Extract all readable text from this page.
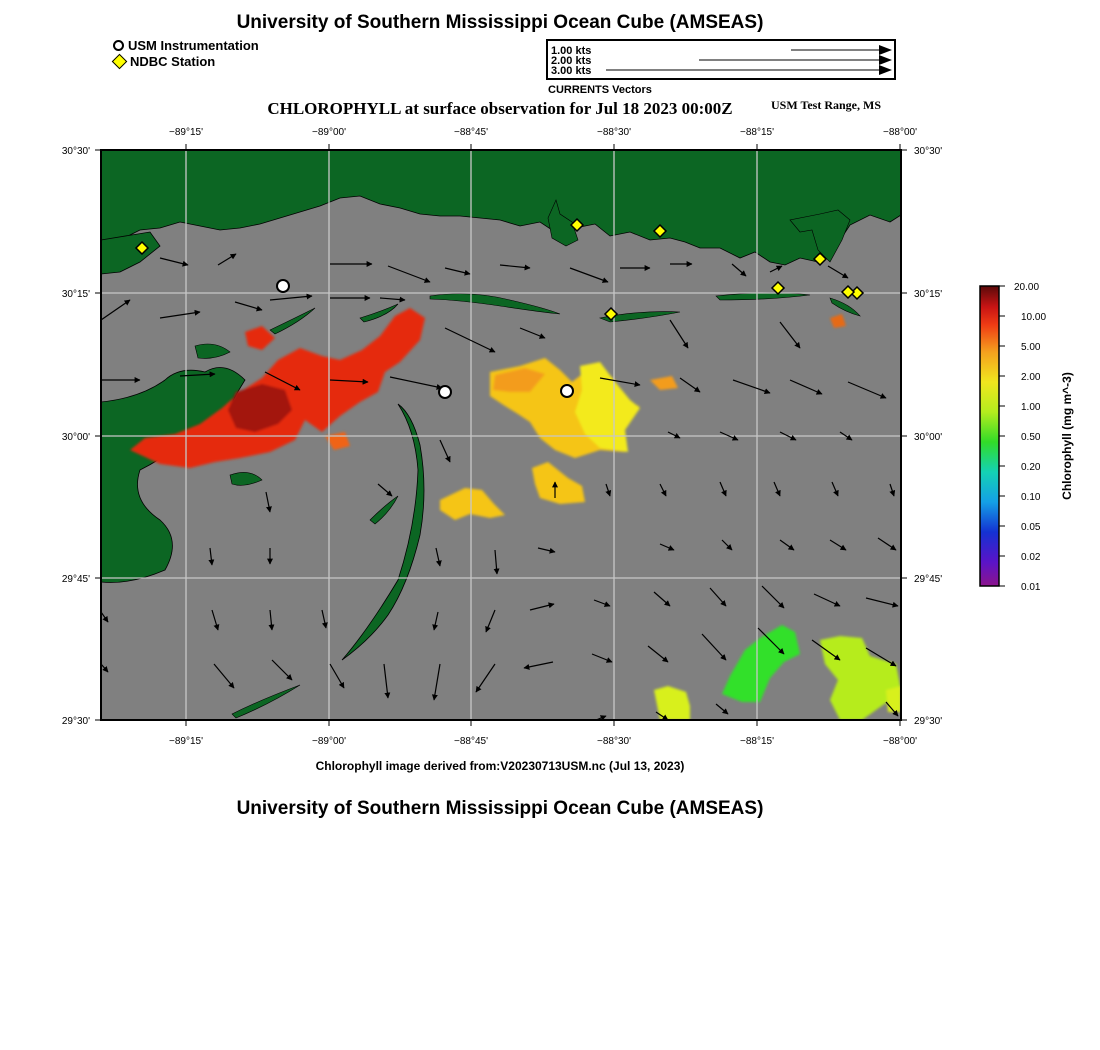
University of Southern Mississippi Ocean Cube (AMSEAS)
USM Instrumentation
NDBC Station
1.00 kts
2.00 kts
3.00 kts
CURRENTS Vectors
CHLOROPHYLL at surface observation for Jul 18 2023 00:00Z	USM Test Range, MS
−89°15'	−89°00'	−88°45'	−88°30'	−88°15'	−88°00'
−89°15'	−89°00'	−88°45'	−88°30'	−88°15'	−88°00'
30°30'
30°15'
30°00'
29°45'
29°30'
30°30'
30°15'
30°00'
29°45'
29°30'
20.00
10.00
5.00
2.00
1.00
0.50
0.20
0.10
0.05
0.02
0.01
Chlorophyll (mg m^-3)
Chlorophyll image derived from:V20230713USM.nc (Jul 13, 2023)
University of Southern Mississippi Ocean Cube (AMSEAS)
